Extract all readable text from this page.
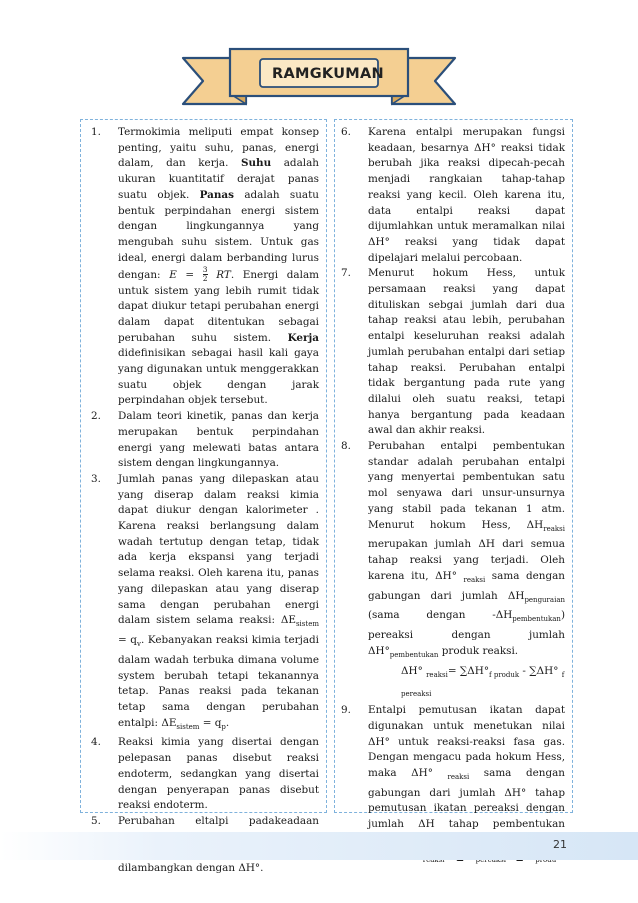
RAMGKUMAN
1. Termokimia meliputi empat konsep penting, yaitu suhu, panas, energi dalam, dan kerja. Suhu adalah ukuran kuantitatif derajat panas suatu objek. Panas adalah suatu bentuk perpindahan energi sistem dengan lingkungannya yang mengubah suhu sistem. Untuk gas ideal, energi dalam berbanding lurus dengan: $E = \frac{3}{2}$ RT. Energi dalam untuk sistem yang lebih rumit tidak dapat diukur tetapi perubahan energi dalam dapat ditentukan sebagai perubahan suhu sistem. Kerja didefinisikan sebagai hasil kali gaya yang digunakan untuk menggerakkan suatu objek dengan jarak perpindahan objek tersebut.
2. Dalam teori kinetik, panas dan kerja merupakan bentuk perpindahan energi yang melewati batas antara sistem dengan lingkungannya.
3. Jumlah panas yang dilepaskan atau yang diserap dalam reaksi kimia dapat diukur dengan kalorimeter . Karena reaksi berlangsung dalam wadah tertutup dengan tetap, tidak ada kerja ekspansi yang terjadi selama reaksi. Oleh karena itu, panas yang dilepaskan atau yang diserap sama dengan perubahan energi dalam sistem selama reaksi: $\Delta E_{sistem} = q_v$. Kebanyakan reaksi kimia terjadi dalam wadah terbuka dimana volume system berubah tetapi tekanannya tetap. Panas reaksi pada tekanan tetap sama dengan perubahan entalpi: $\Delta E_{sistem} = q_p$.
4. Reaksi kimia yang disertai dengan pelepasan panas disebut reaksi endoterm, sedangkan yang disertai dengan penyerapan panas disebut reaksi endoterm.
5. Perubahan eltalpi padakeadaan dilambangkan dengan ΔH°.
6. Karena entalpi merupakan fungsi keadaan, besarnya ΔH° reaksi tidak berubah jika reaksi dipecah-pecah menjadi rangkaian tahap-tahap reaksi yang kecil. Oleh karena itu, data entalpi reaksi dapat dijumlahkan untuk meramalkan nilai ΔH° reaksi yang tidak dapat dipelajari melalui percobaan.
7. Menurut hokum Hess, untuk persamaan reaksi yang dapat dituliskan sebgai jumlah dari dua tahap reaksi atau lebih, perubahan entalpi keseluruhan reaksi adalah jumlah perubahan entalpi dari setiap tahap reaksi. Perubahan entalpi tidak bergantung pada rute yang dilalui oleh suatu reaksi, tetapi hanya bergantung pada keadaan awal dan akhir reaksi.
8. Perubahan entalpi pembentukan standar adalah perubahan entalpi yang menyertai pembentukan satu mol senyawa dari unsur-unsurnya yang stabil pada tekanan 1 atm. Menurut hokum Hess, $\Delta H_{reaksi}$ merupakan jumlah ΔH dari semua tahap reaksi yang terjadi. Oleh karena itu, ΔH° $_{reaksi}$ sama dengan gabungan dari jumlah $\Delta H_{penguraian}$ (sama dengan $-\Delta H_{pembentukan}$) pereaksi dengan jumlah $\Delta H^\circ_{pembentukan}$ produk reaksi.
ΔH° $_{reaksi}= \sum\Delta H^\circ_{f produk} - \sum\Delta H^\circ$ $_{f pereaksi}$
9. Entalpi pemutusan ikatan dapat digunakan untuk menetukan nilai ΔH° untuk reaksi-reaksi fasa gas. Dengan mengacu pada hokum Hess, maka ΔH° $_{reaksi}$ sama dengan gabungan dari jumlah ΔH° tahap pemutusan ikatan pereaksi dengan jumlah ΔH tahap pembentukan
21
